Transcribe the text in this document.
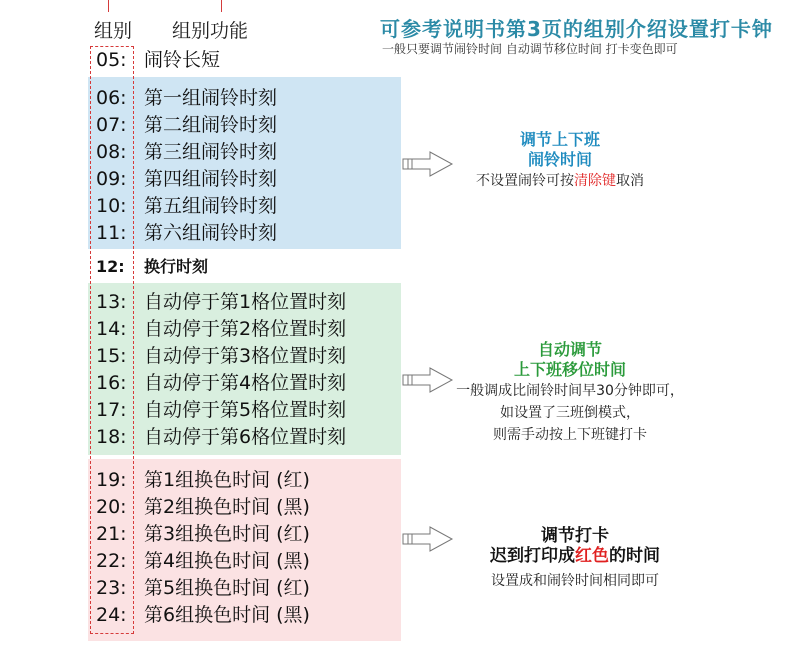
组别 组别功能	可参考说明书第3页的组别介绍设置打卡钟
一般只要调节闹铃时间 自动调节移位时间 打卡变色即可
05: 闹铃长短
06: 第一组闹铃时刻
07: 第二组闹铃时刻
08: 第三组闹铃时刻
09: 第四组闹铃时刻
10: 第五组闹铃时刻
11: 第六组闹铃时刻
12: 换行时刻
13: 自动停于第1格位置时刻
14: 自动停于第2格位置时刻
15: 自动停于第3格位置时刻
16: 自动停于第4格位置时刻
17: 自动停于第5格位置时刻
18: 自动停于第6格位置时刻
19: 第1组换色时间 (红)
20: 第2组换色时间 (黑)
21: 第3组换色时间 (红)
22: 第4组换色时间 (黑)
23: 第5组换色时间 (红)
24: 第6组换色时间 (黑)
调节上下班
闹铃时间
不设置闹铃可按清除键取消
自动调节
上下班移位时间
一般调成比闹铃时间早30分钟即可，
如设置了三班倒模式，
则需手动按上下班键打卡
调节打卡
迟到打印成红色的时间
设置成和闹铃时间相同即可
